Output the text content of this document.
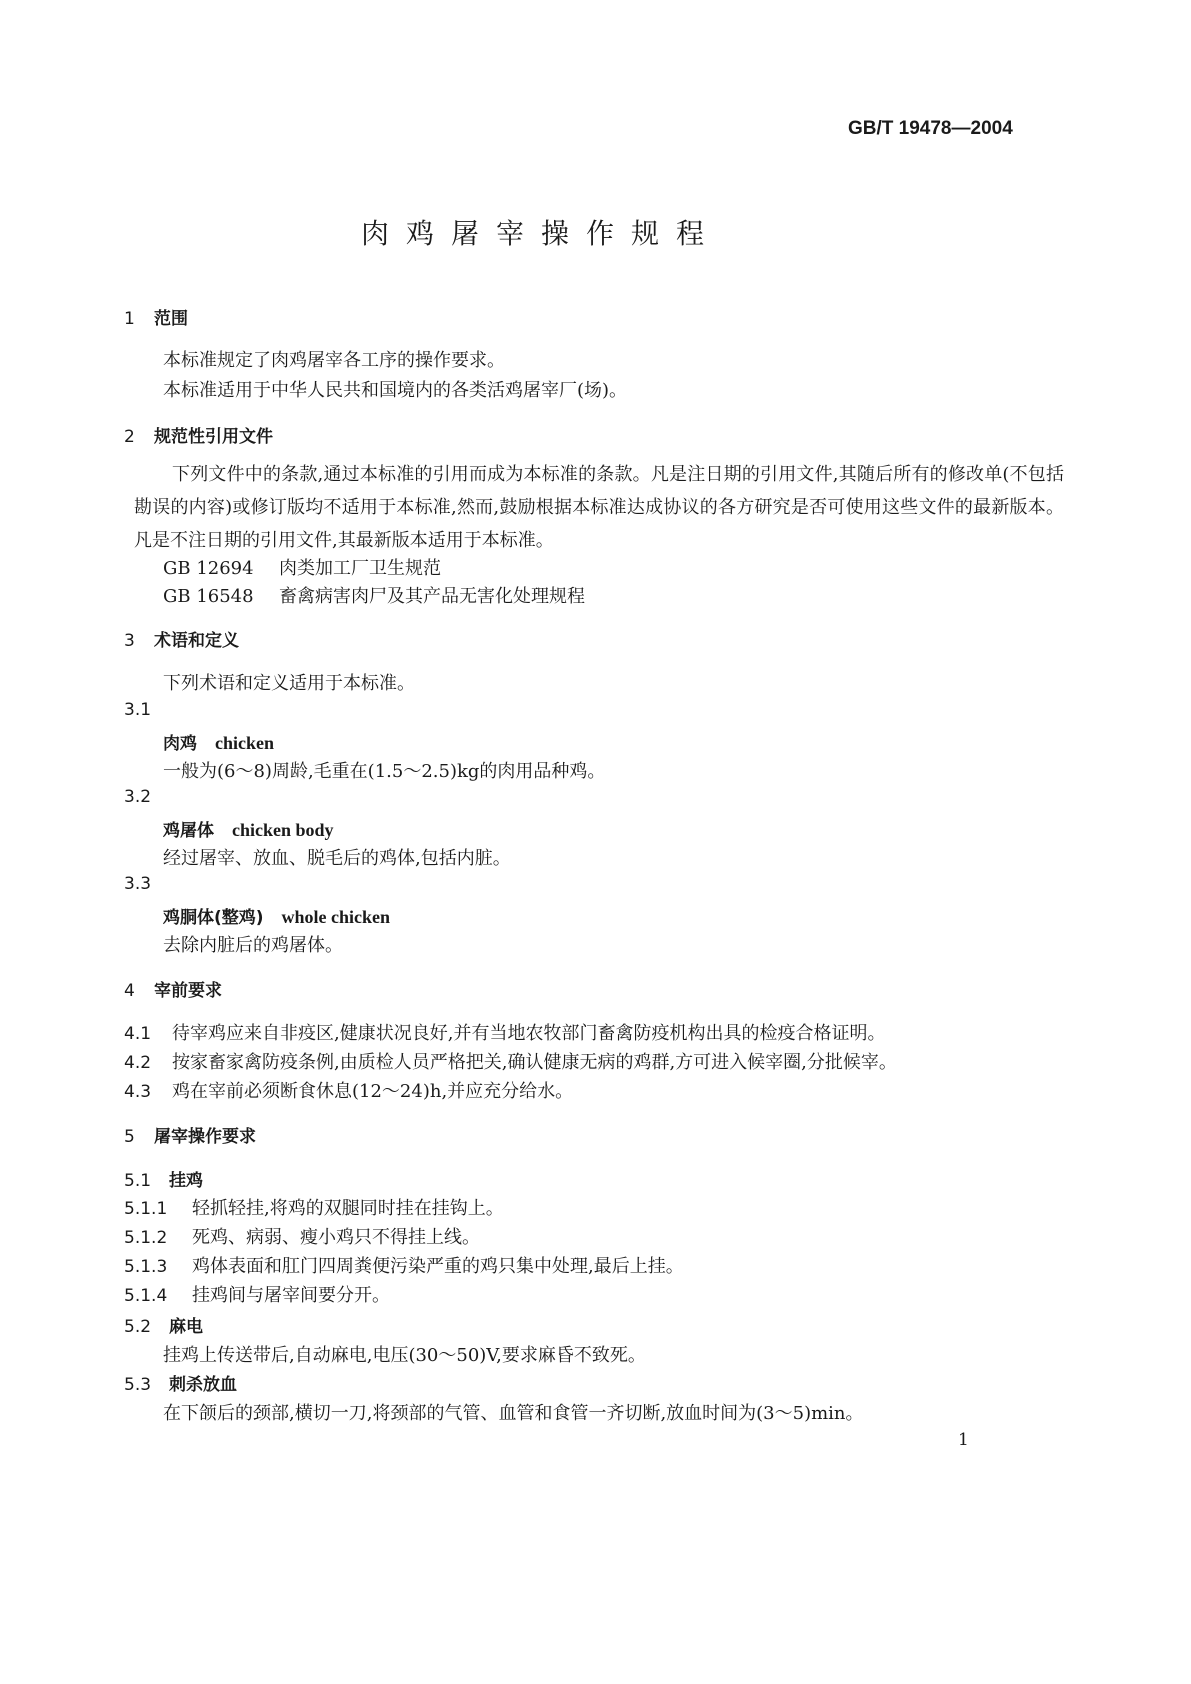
GB/T 19478—2004
肉鸡屠宰操作规程
1 范围
本标准规定了肉鸡屠宰各工序的操作要求。
本标准适用于中华人民共和国境内的各类活鸡屠宰厂(场)。
2 规范性引用文件
下列文件中的条款,通过本标准的引用而成为本标准的条款。凡是注日期的引用文件,其随后所有的修改单(不包括勘误的内容)或修订版均不适用于本标准,然而,鼓励根据本标准达成协议的各方研究是否可使用这些文件的最新版本。凡是不注日期的引用文件,其最新版本适用于本标准。
GB 12694 肉类加工厂卫生规范
GB 16548 畜禽病害肉尸及其产品无害化处理规程
3 术语和定义
下列术语和定义适用于本标准。
3.1
肉鸡 chicken
一般为(6～8)周龄,毛重在(1.5～2.5)kg的肉用品种鸡。
3.2
鸡屠体 chicken body
经过屠宰、放血、脱毛后的鸡体,包括内脏。
3.3
鸡胴体(整鸡) whole chicken
去除内脏后的鸡屠体。
4 宰前要求
4.1 待宰鸡应来自非疫区,健康状况良好,并有当地农牧部门畜禽防疫机构出具的检疫合格证明。
4.2 按家畜家禽防疫条例,由质检人员严格把关,确认健康无病的鸡群,方可进入候宰圈,分批候宰。
4.3 鸡在宰前必须断食休息(12～24)h,并应充分给水。
5 屠宰操作要求
5.1 挂鸡
5.1.1 轻抓轻挂,将鸡的双腿同时挂在挂钩上。
5.1.2 死鸡、病弱、瘦小鸡只不得挂上线。
5.1.3 鸡体表面和肛门四周粪便污染严重的鸡只集中处理,最后上挂。
5.1.4 挂鸡间与屠宰间要分开。
5.2 麻电
挂鸡上传送带后,自动麻电,电压(30～50)V,要求麻昏不致死。
5.3 刺杀放血
在下颌后的颈部,横切一刀,将颈部的气管、血管和食管一齐切断,放血时间为(3～5)min。
1
